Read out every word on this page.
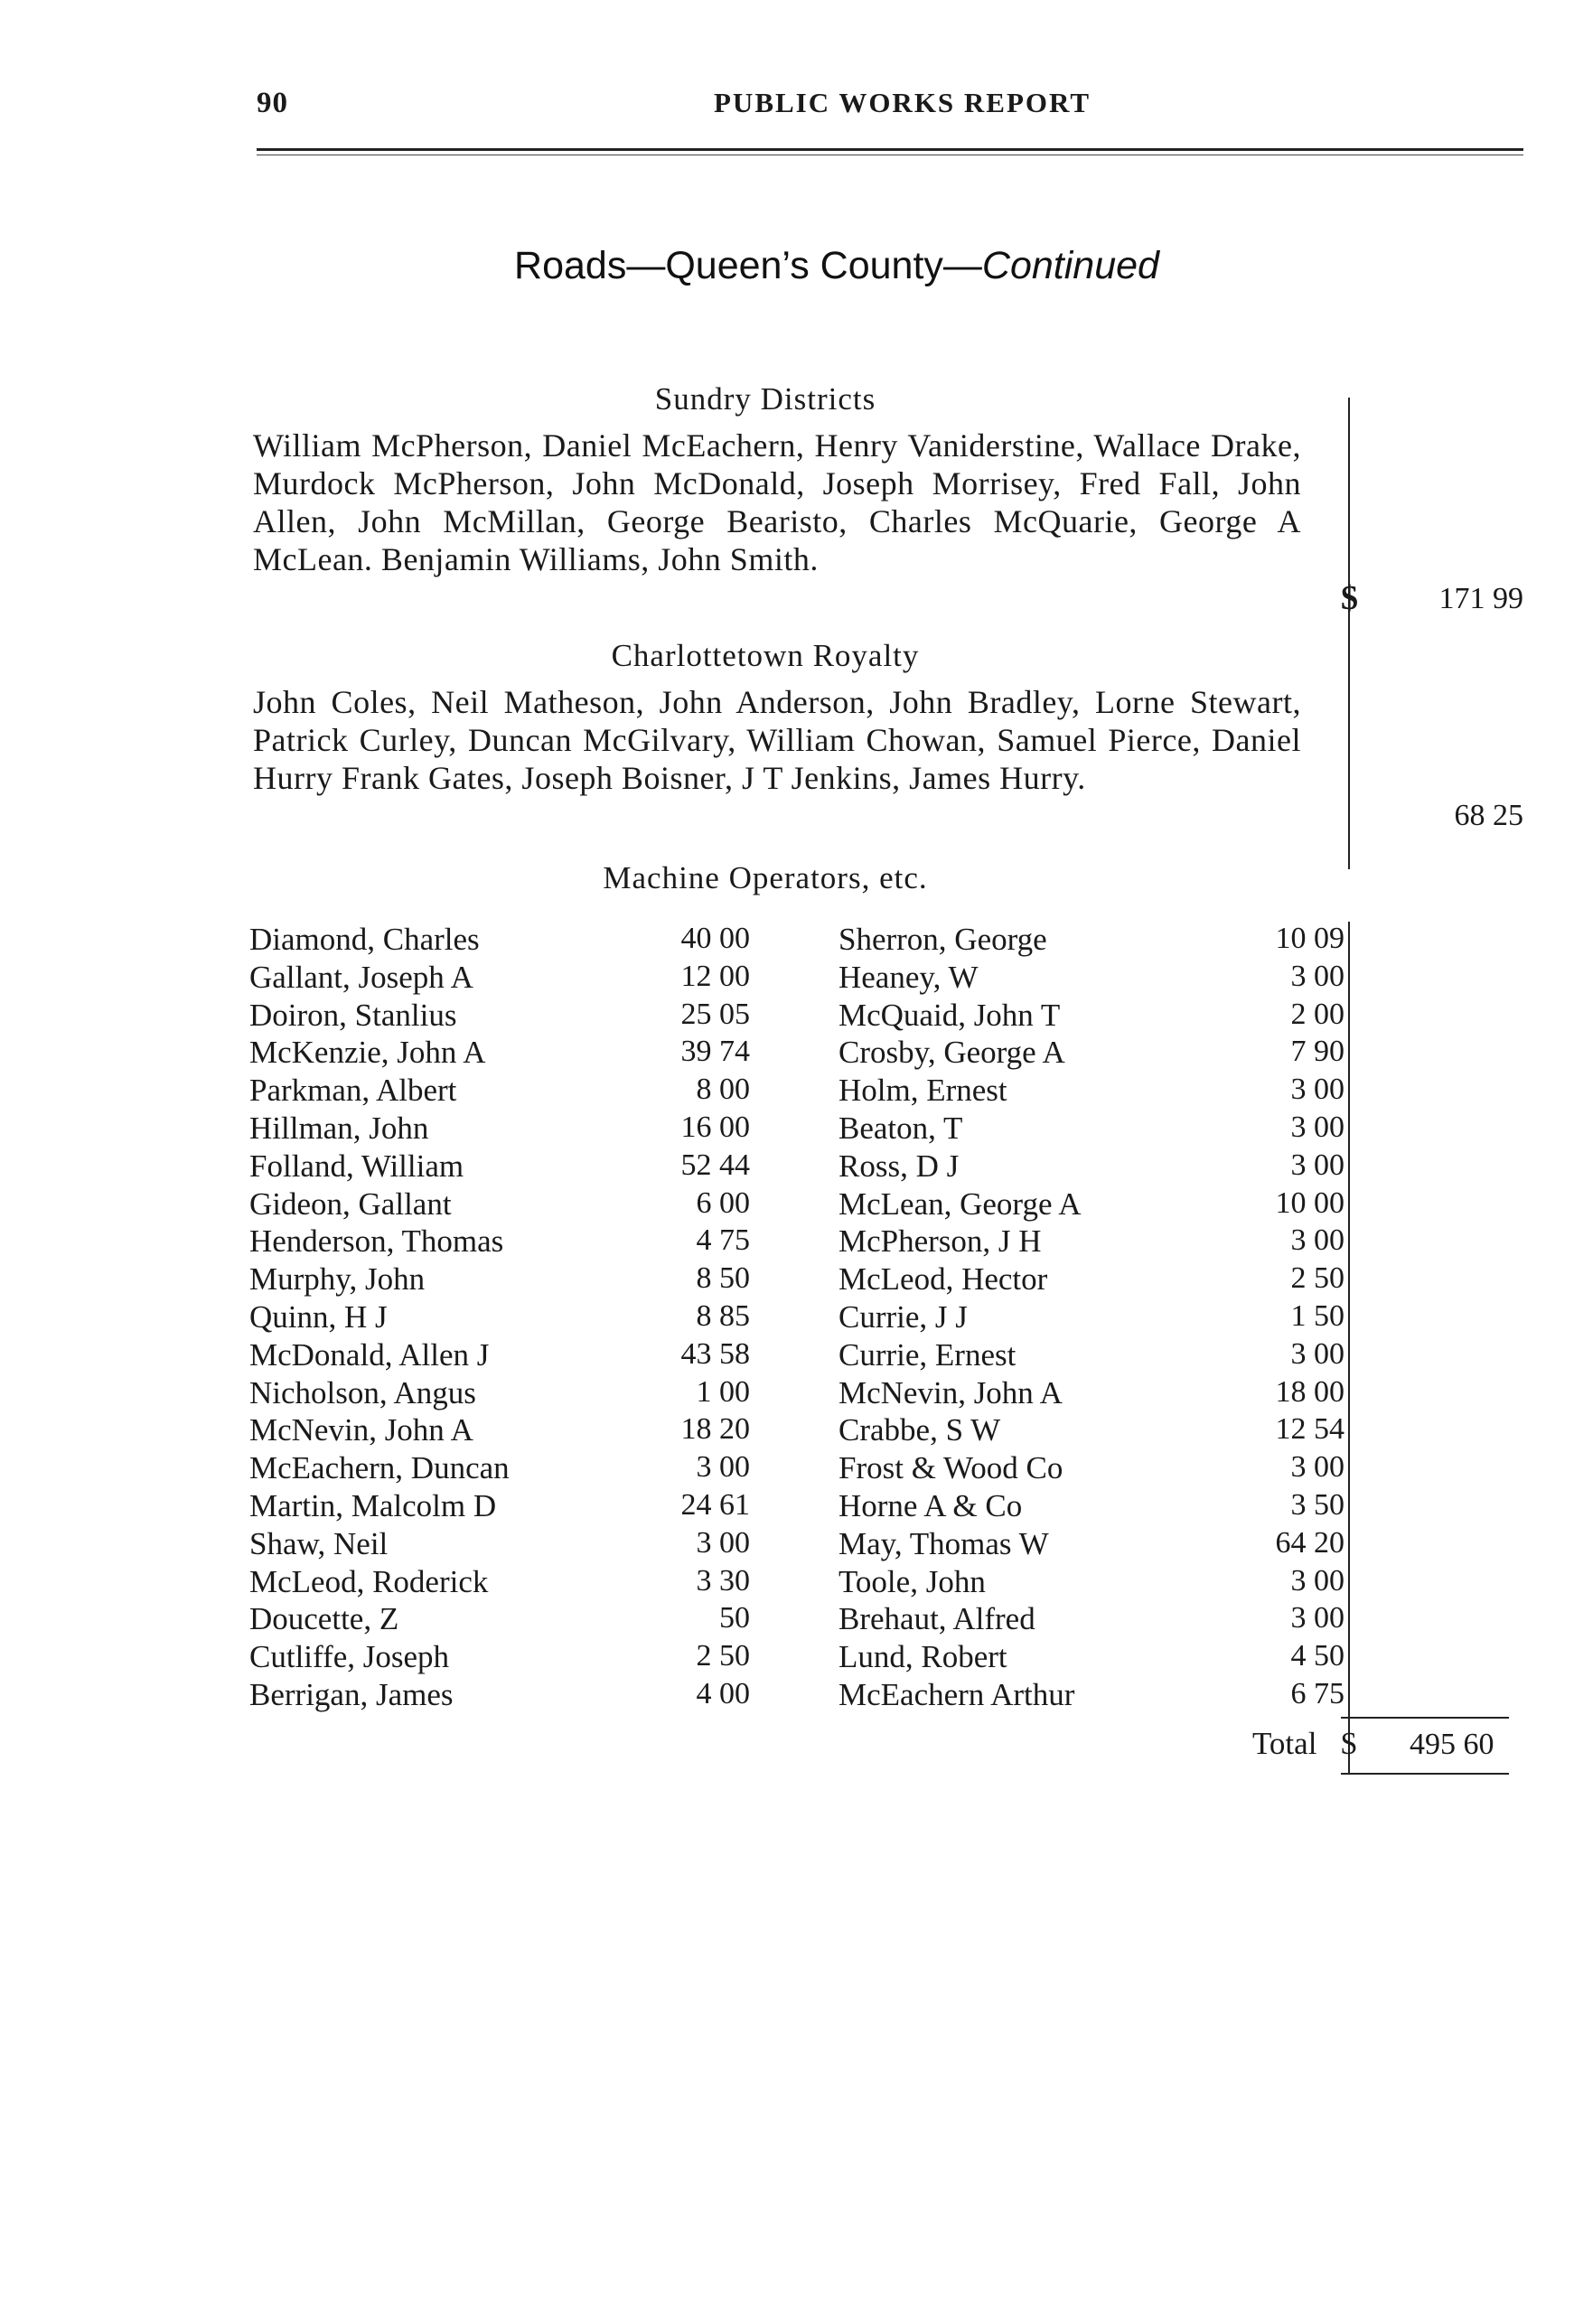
90	PUBLIC WORKS REPORT
Roads—Queen’s County—Continued
Sundry Districts
William McPherson, Daniel McEachern, Henry Vaniderstine, Wallace Drake, Murdock McPherson, John McDonald, Joseph Morrisey, Fred Fall, John Allen, John McMillan, George Bearisto, Charles McQuarie, George A McLean. Benjamin Williams, John Smith.
$	171 99
Charlottetown Royalty
John Coles, Neil Matheson, John Anderson, John Bradley, Lorne Stewart, Patrick Curley, Duncan McGilvary, William Chowan, Samuel Pierce, Daniel Hurry Frank Gates, Joseph Boisner, J T Jenkins, James Hurry.
68 25
Machine Operators, etc.
Diamond, Charles	40 00
Gallant, Joseph A	12 00
Doiron, Stanlius	25 05
McKenzie, John A	39 74
Parkman, Albert	8 00
Hillman, John	16 00
Folland, William	52 44
Gideon, Gallant	6 00
Henderson, Thomas	4 75
Murphy, John	8 50
Quinn, H J	8 85
McDonald, Allen J	43 58
Nicholson, Angus	1 00
McNevin, John A	18 20
McEachern, Duncan	3 00
Martin, Malcolm D	24 61
Shaw, Neil	3 00
McLeod, Roderick	3 30
Doucette, Z	50
Cutliffe, Joseph	2 50
Berrigan, James	4 00
Sherron, George	10 09
Heaney, W	3 00
McQuaid, John T	2 00
Crosby, George A	7 90
Holm, Ernest	3 00
Beaton, T	3 00
Ross, D J	3 00
McLean, George A	10 00
McPherson, J H	3 00
McLeod, Hector	2 50
Currie, J J	1 50
Currie, Ernest	3 00
McNevin, John A	18 00
Crabbe, S W	12 54
Frost & Wood Co	3 00
Horne A & Co	3 50
May, Thomas W	64 20
Toole, John	3 00
Brehaut, Alfred	3 00
Lund, Robert	4 50
McEachern Arthur	6 75
Total $ 495 60
